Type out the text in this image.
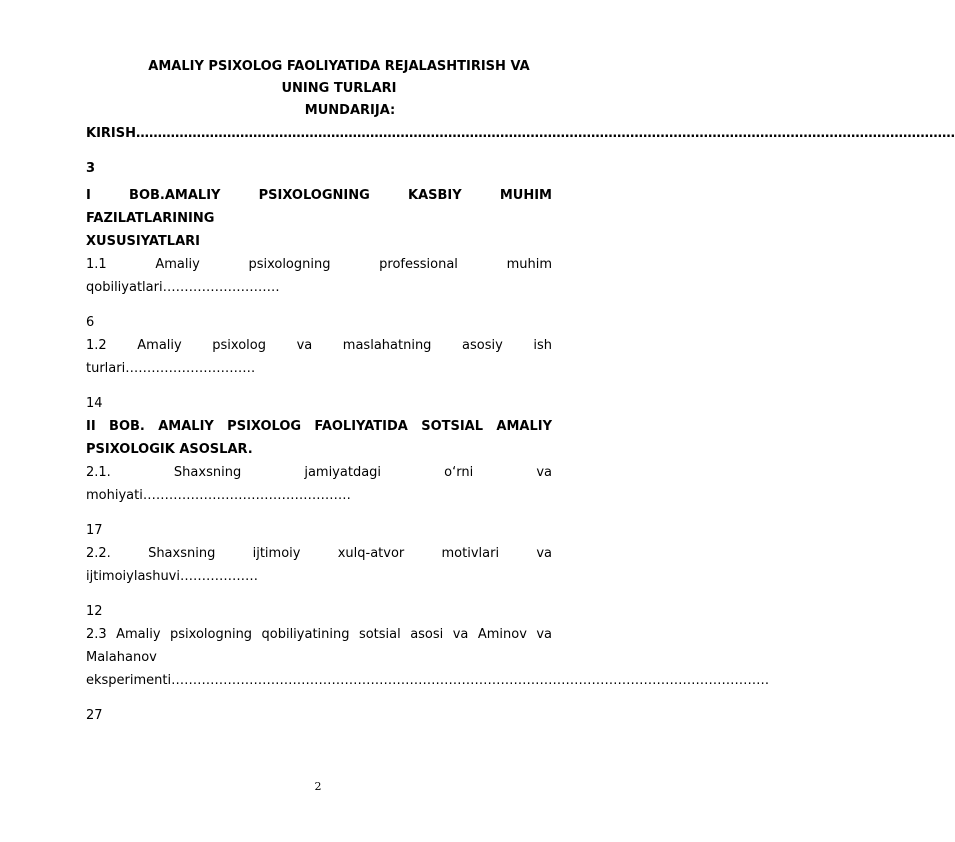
AMALIY PSIXOLOG FAOLIYATIDA REJALASHTIRISH VA
UNING TURLARI
MUNDARIJA:
KIRISH………………………………………………………………………………………………………………………………………………………………………
3
I BOB.AMALIY PSIXOLOGNING KASBIY MUHIM
FAZILATLARINING
XUSUSIYATLARI
1.1 Amaliy psixologning professional muhim
qobiliyatlari………………………
6
1.2 Amaliy psixolog va maslahatning asosiy ish
turlari…………………………
14
II BOB. AMALIY PSIXOLOG FAOLIYATIDA SOTSIAL AMALIY
PSIXOLOGIK ASOSLAR.
2.1. Shaxsning jamiyatdagi o‘rni va
mohiyati…………………………………………
17
2.2. Shaxsning ijtimoiy xulq-atvor motivlari va
ijtimoiylashuvi………………
12
2.3 Amaliy psixologning qobiliyatining sotsial asosi va Aminov va
Malahanov
eksperimenti…………………………………………………………………………………………………………………………
27
2
